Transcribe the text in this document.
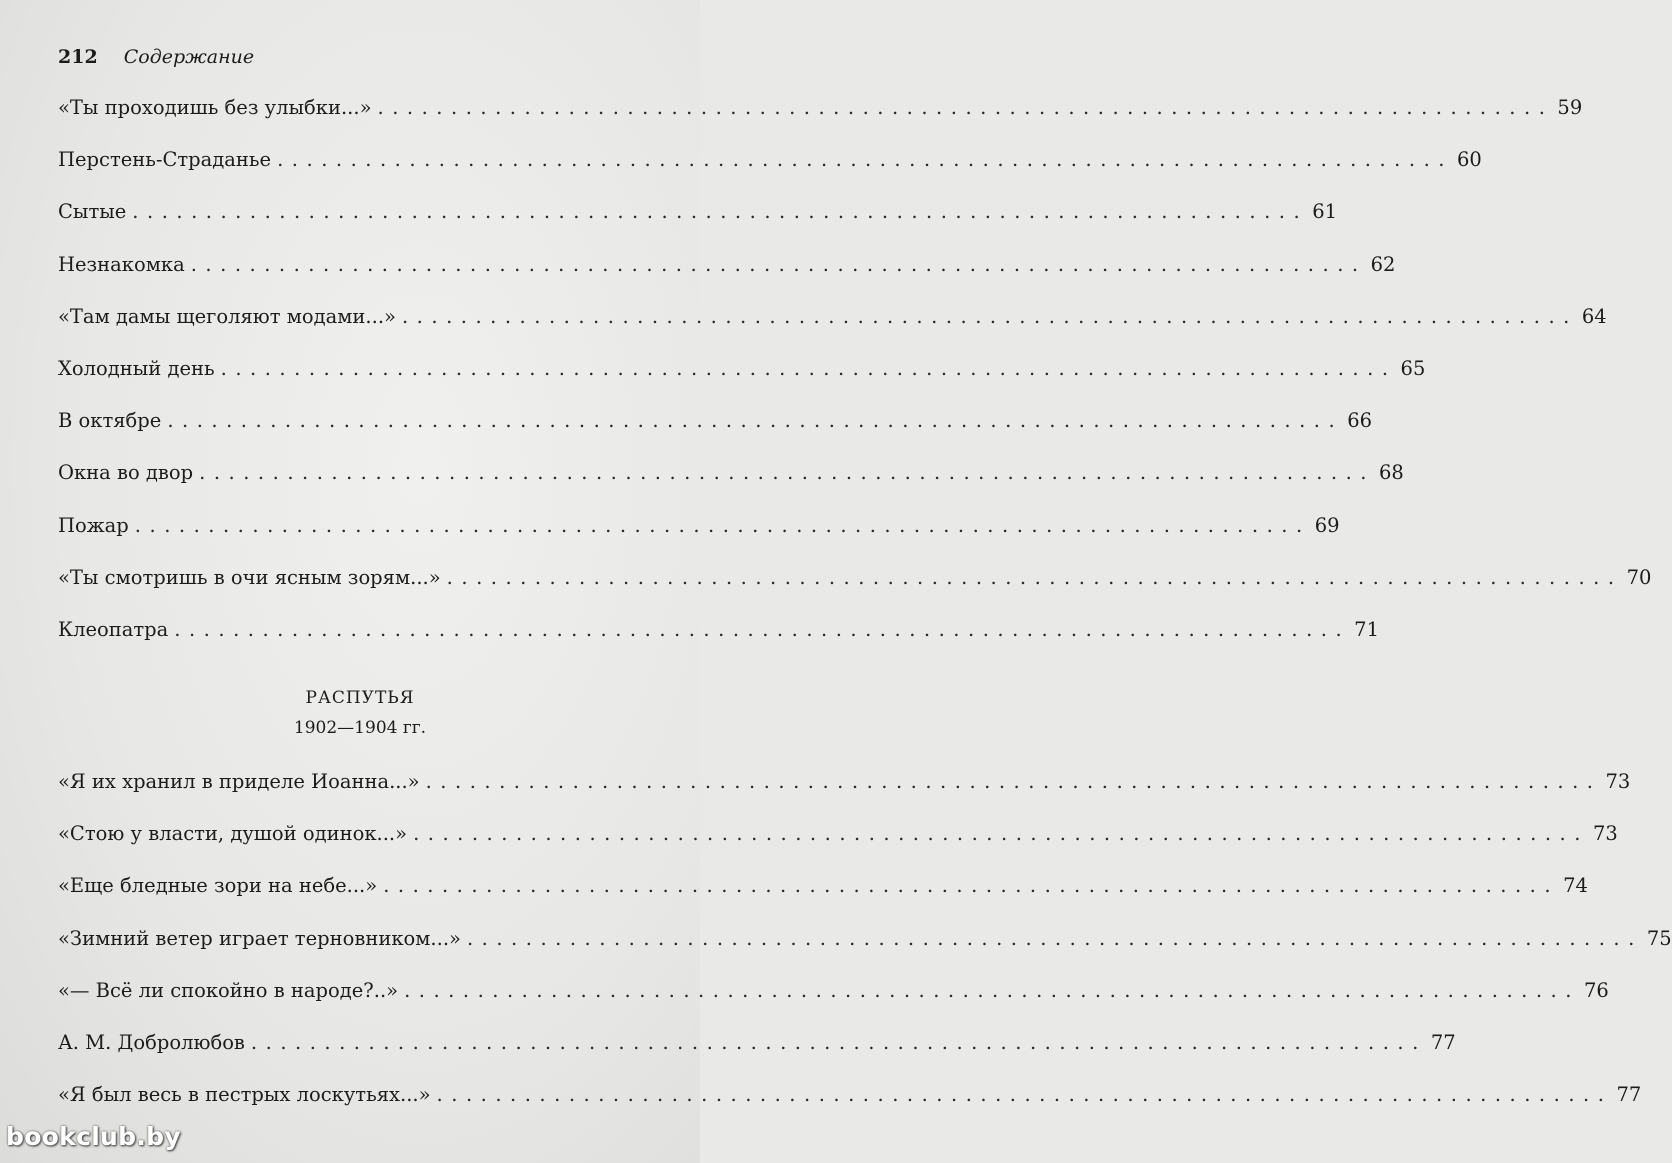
212 Содержание
«Ты проходишь без улыбки...» ................................................................................ 59
Перстень-Страданье ................................................................................ 60
Сытые ................................................................................ 61
Незнакомка ................................................................................ 62
«Там дамы щеголяют модами...» ................................................................................ 64
Холодный день ................................................................................ 65
В октябре ................................................................................ 66
Окна во двор ................................................................................ 68
Пожар ................................................................................ 69
«Ты смотришь в очи ясным зорям...» ................................................................................ 70
Клеопатра ................................................................................ 71
РАСПУТЬЯ
1902—1904 гг.
«Я их хранил в приделе Иоанна...» ................................................................................ 73
«Стою у власти, душой одинок...» ................................................................................ 73
«Еще бледные зори на небе...» ................................................................................ 74
«Зимний ветер играет терновником...» ................................................................................ 75
«— Всё ли спокойно в народе?..» ................................................................................ 76
А. М. Добролюбов ................................................................................ 77
«Я был весь в пестрых лоскутьях...» ................................................................................ 77
bookclub.by
